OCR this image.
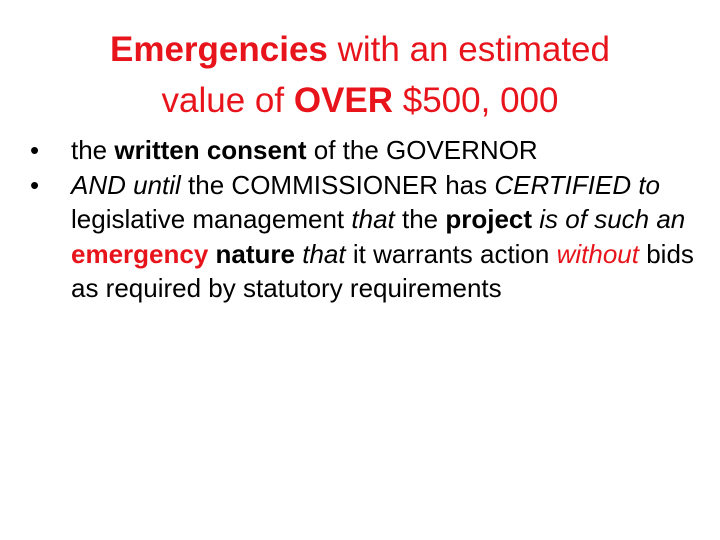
Emergencies with an estimated
value of OVER $500, 000
•	the written consent of the GOVERNOR
•	AND until the COMMISSIONER has CERTIFIED to legislative management that the project is of such an emergency nature that it warrants action without bids as required by statutory requirements
